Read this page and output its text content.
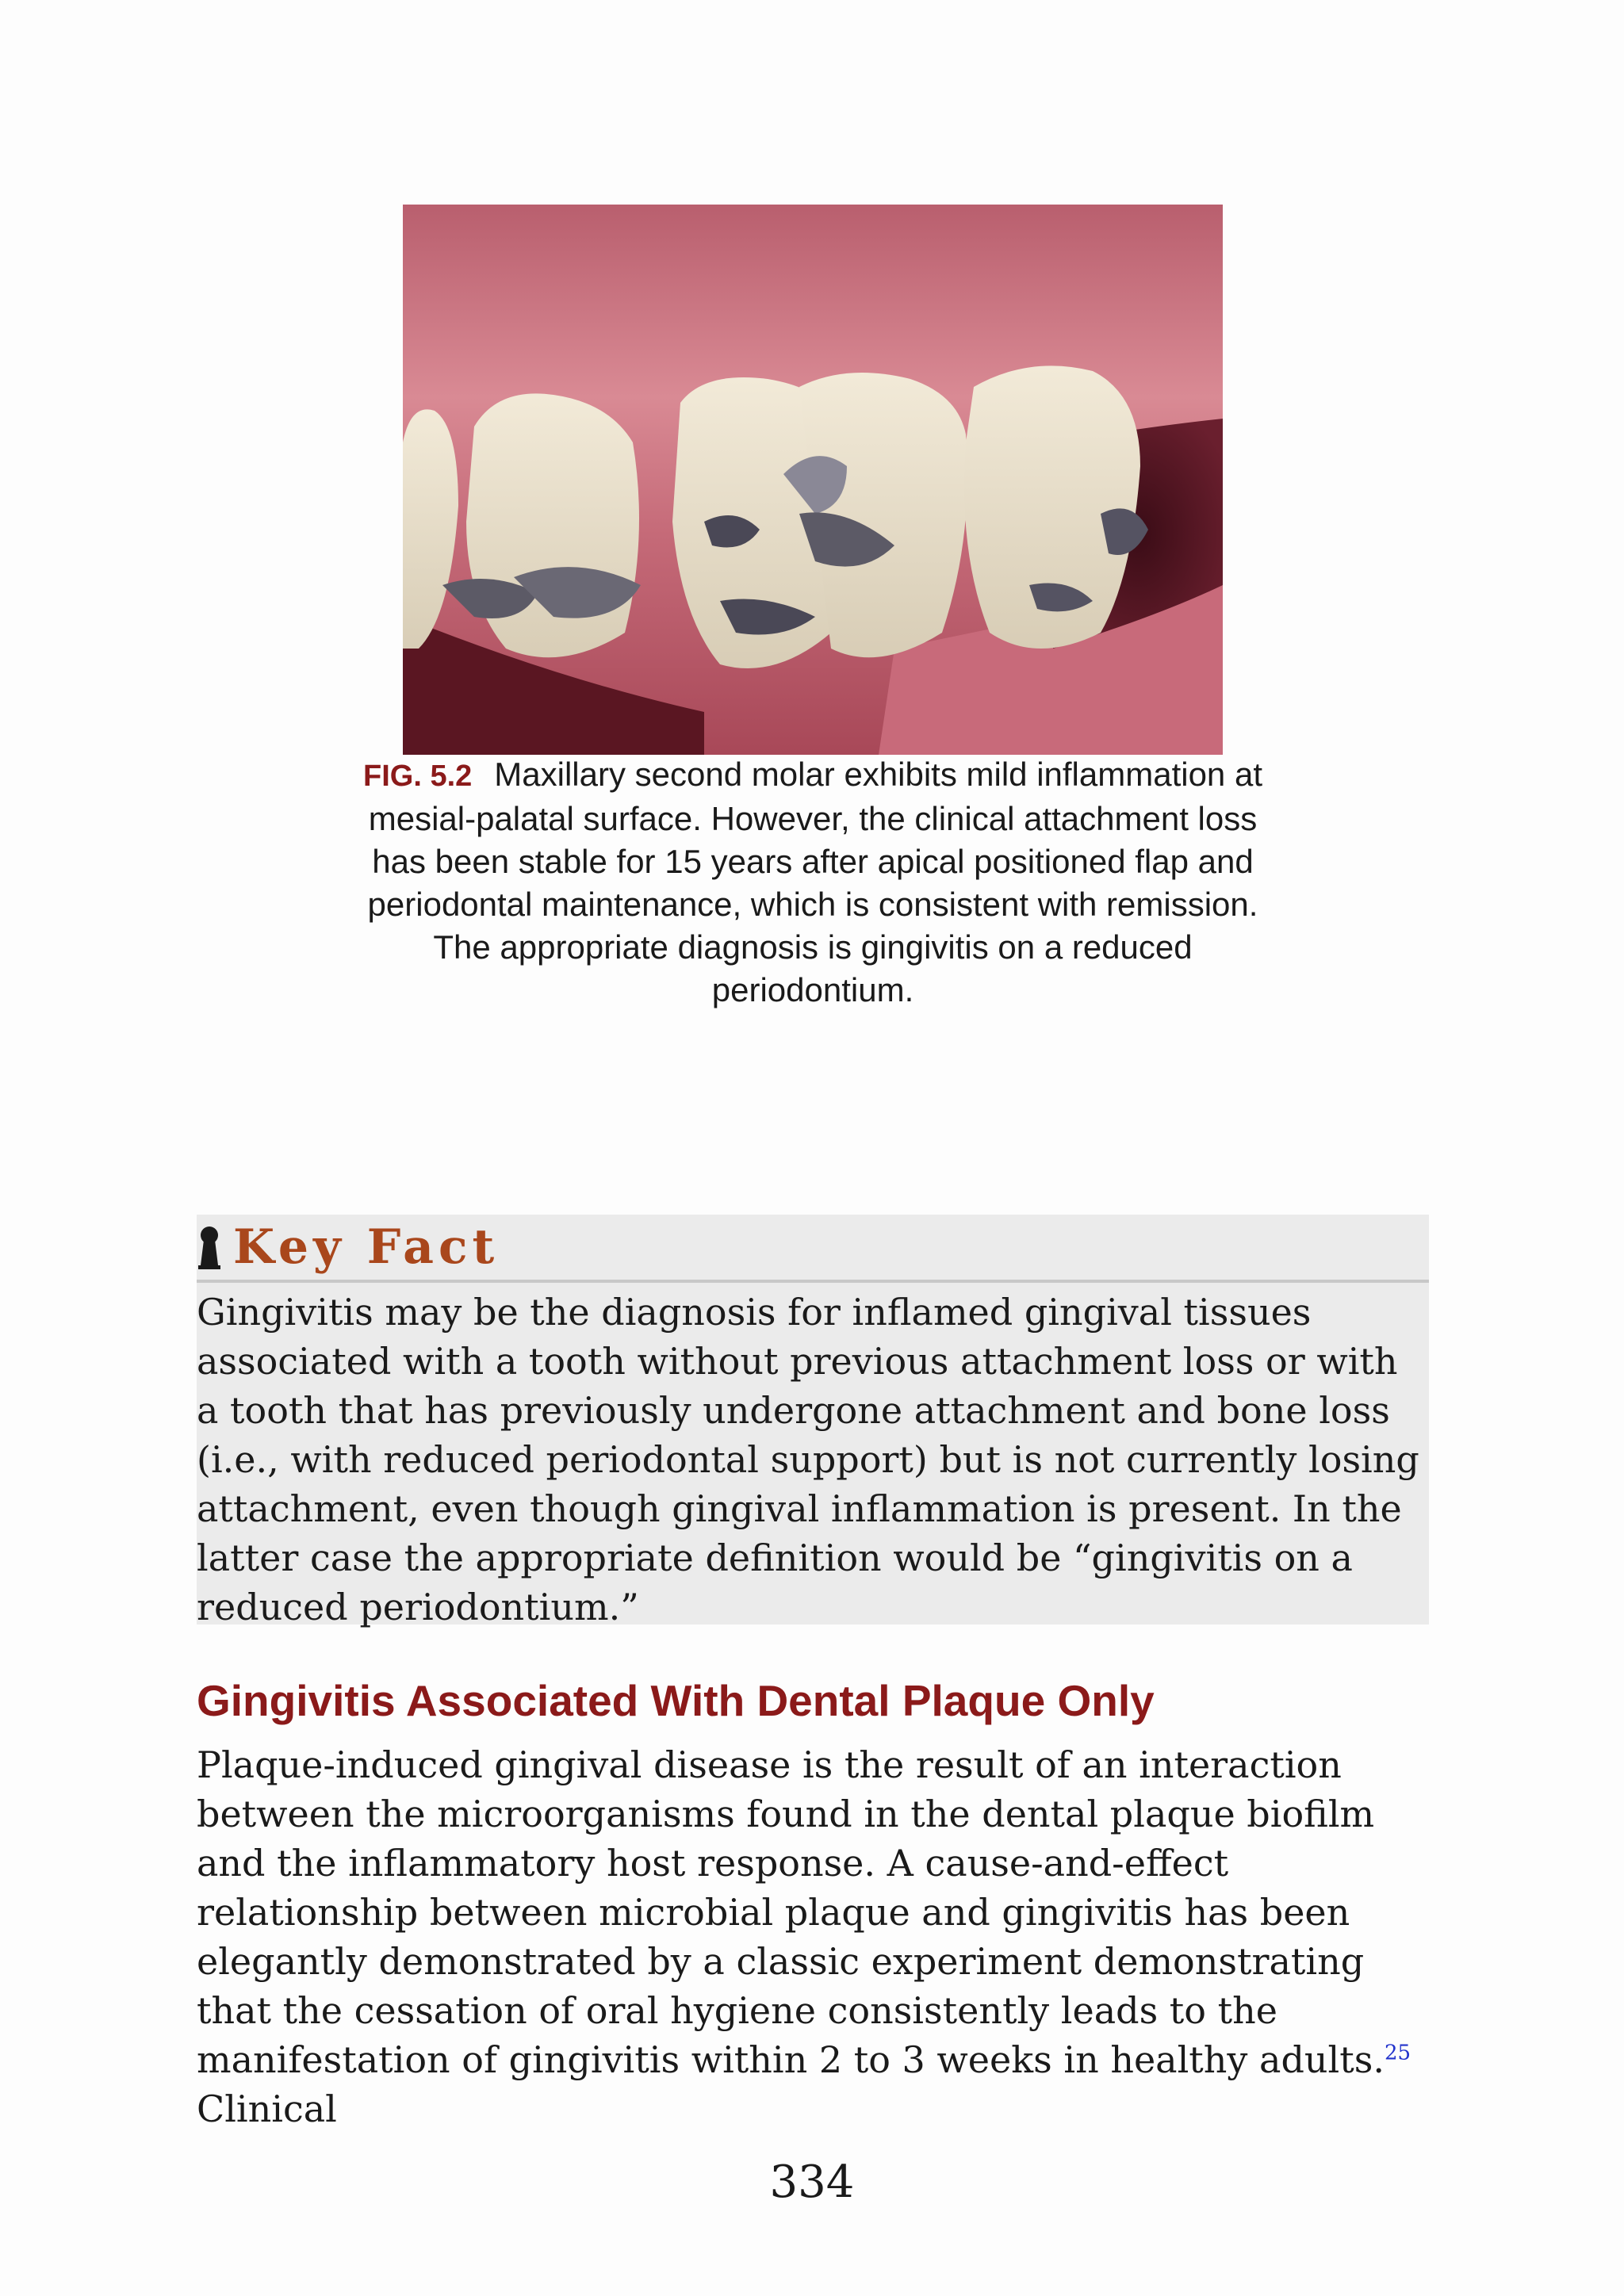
FIG. 5.2 Maxillary second molar exhibits mild inflammation at mesial-palatal surface. However, the clinical attachment loss has been stable for 15 years after apical positioned flap and periodontal maintenance, which is consistent with remission. The appropriate diagnosis is gingivitis on a reduced periodontium.
Key Fact
Gingivitis may be the diagnosis for inflamed gingival tissues associated with a tooth without previous attachment loss or with a tooth that has previously undergone attachment and bone loss (i.e., with reduced periodontal support) but is not currently losing attachment, even though gingival inflammation is present. In the latter case the appropriate definition would be “gingivitis on a reduced periodontium.”
Gingivitis Associated With Dental Plaque Only
Plaque-induced gingival disease is the result of an interaction between the microorganisms found in the dental plaque biofilm and the inflammatory host response. A cause-and-effect relationship between microbial plaque and gingivitis has been elegantly demonstrated by a classic experiment demonstrating that the cessation of oral hygiene consistently leads to the manifestation of gingivitis within 2 to 3 weeks in healthy adults.$^{25}$ Clinical
334
